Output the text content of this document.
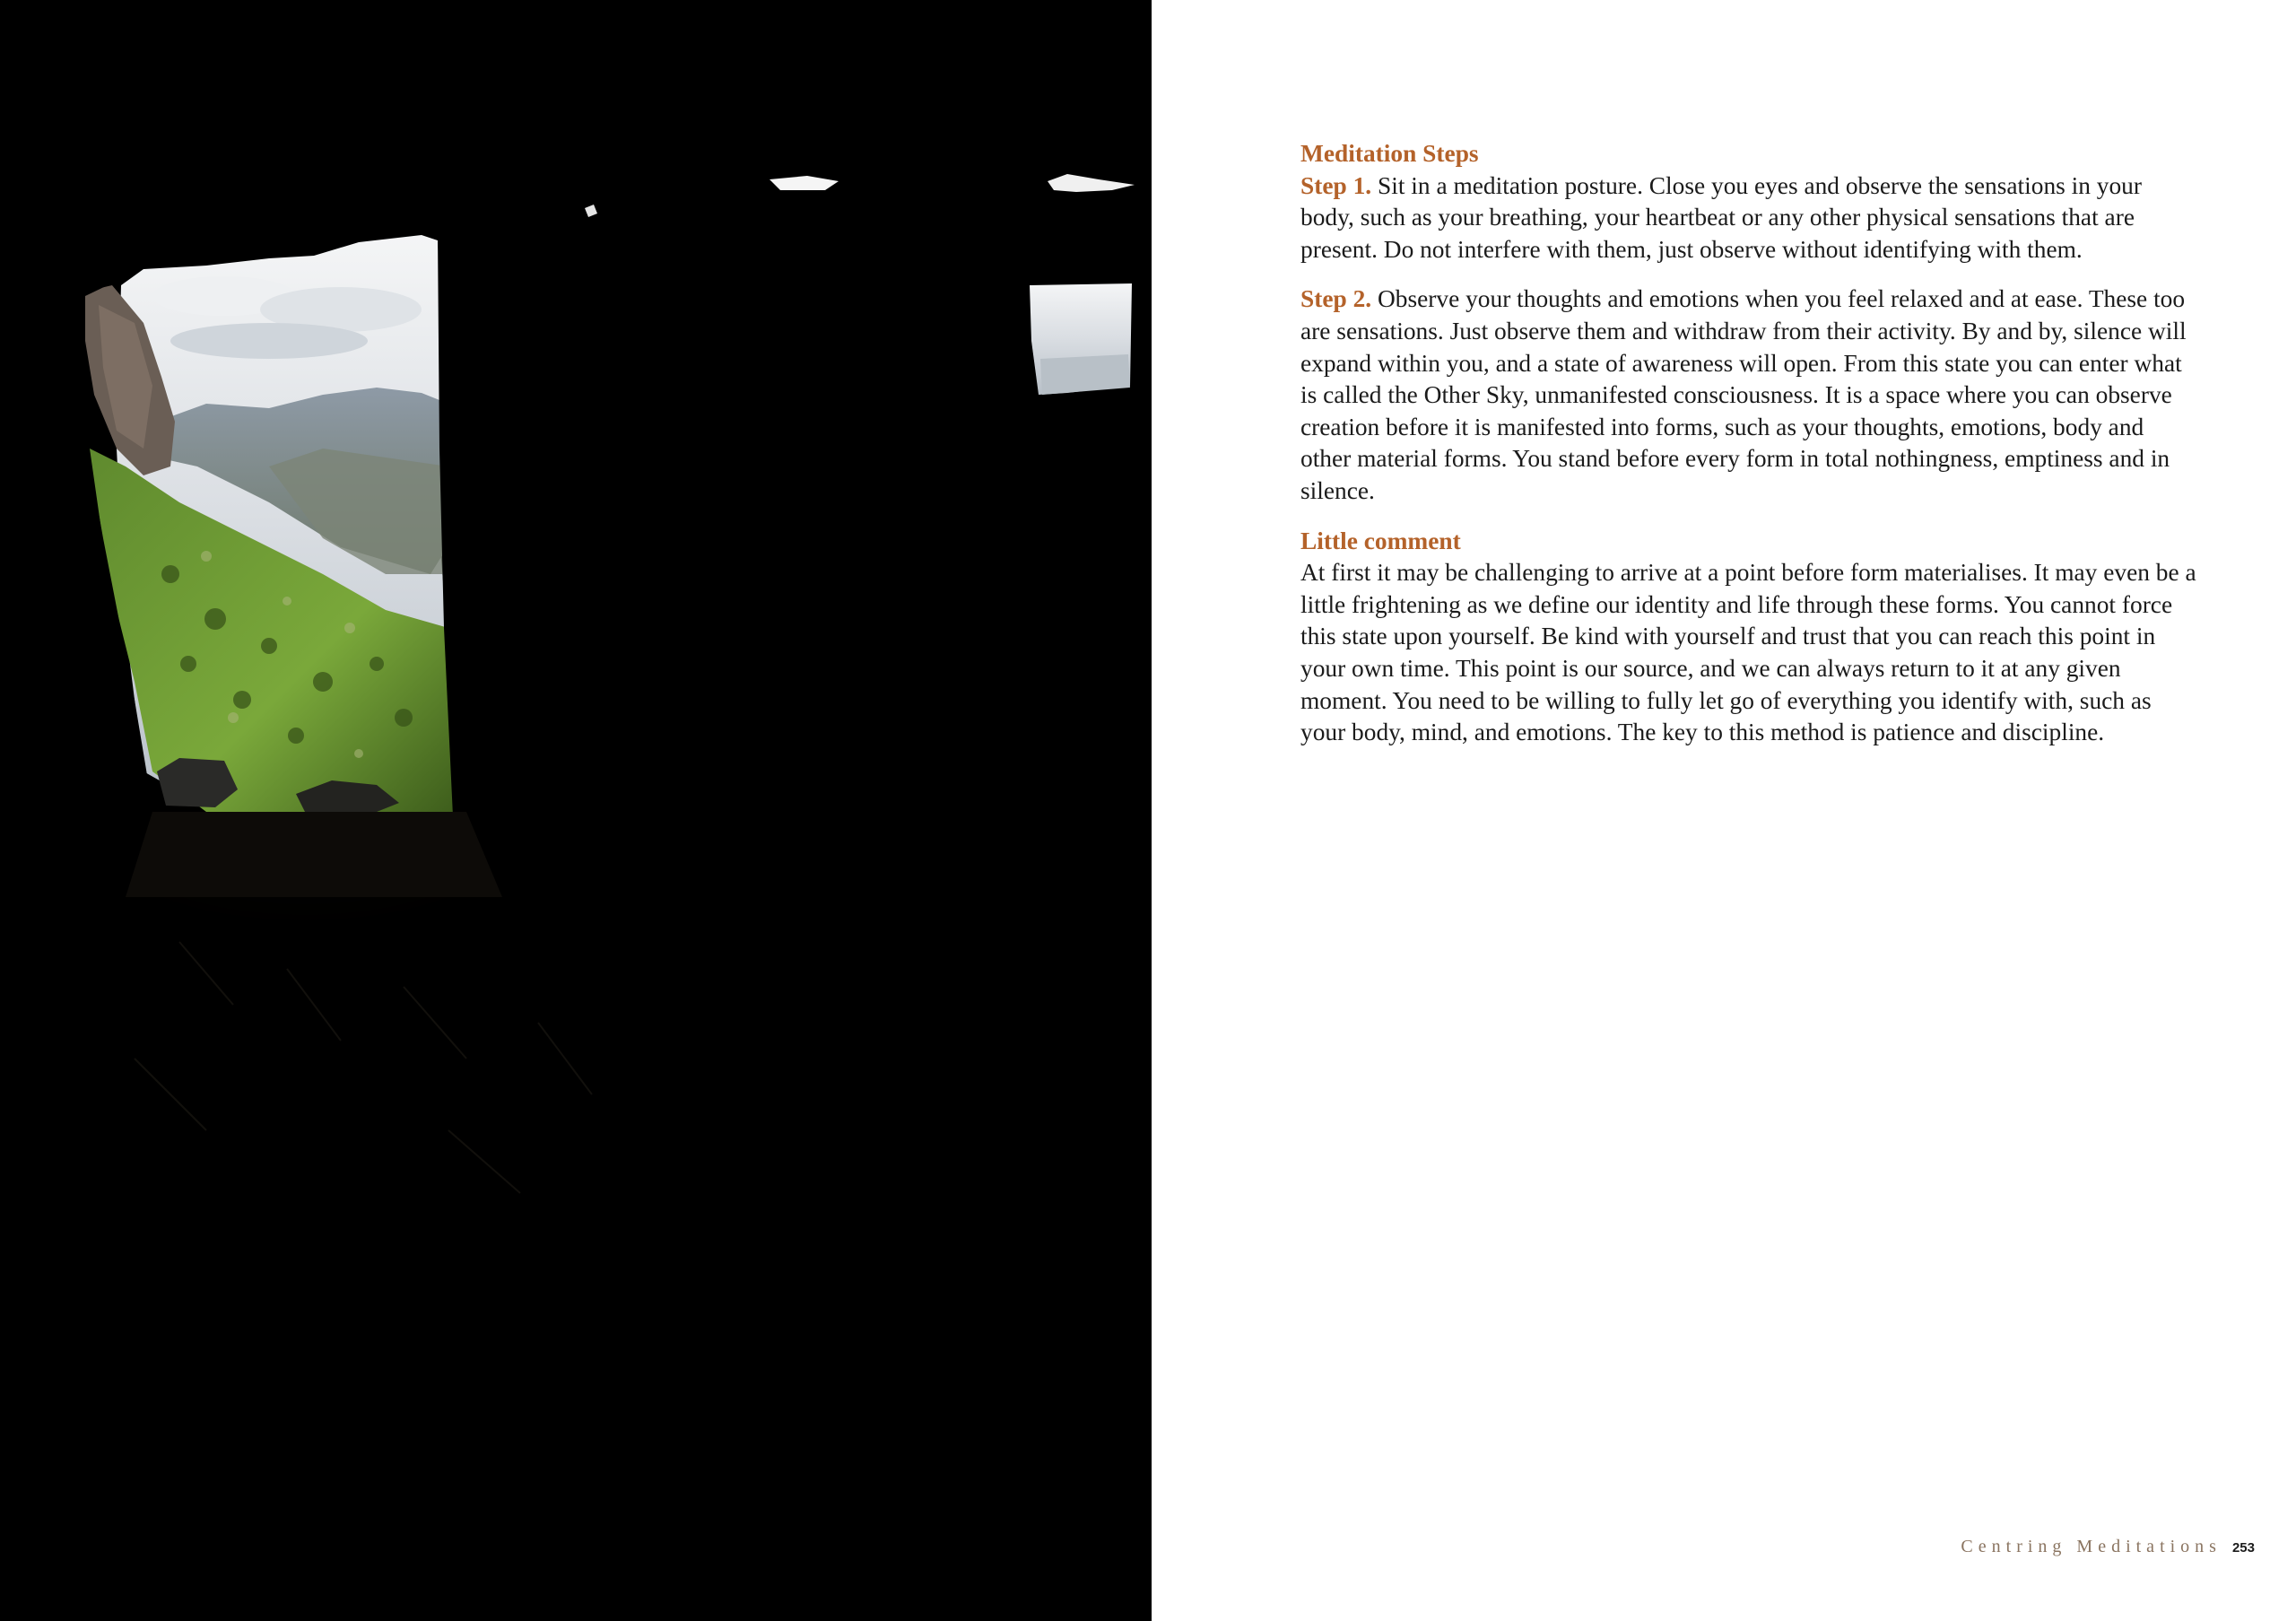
Meditation Steps

Step 1. Sit in a meditation posture. Close you eyes and observe the sensations in your body, such as your breathing, your heartbeat or any other physical sensations that are present. Do not interfere with them, just observe without identifying with them.

Step 2. Observe your thoughts and emotions when you feel relaxed and at ease. These too are sensations. Just observe them and withdraw from their activity. By and by, silence will expand within you, and a state of awareness will open. From this state you can enter what is called the Other Sky, unmanifested consciousness. It is a space where you can observe creation before it is manifested into forms, such as your thoughts, emotions, body and other material forms. You stand before every form in total nothingness, emptiness and in silence.

Little comment

At first it may be challenging to arrive at a point before form materialises. It may even be a little frightening as we define our identity and life through these forms. You cannot force this state upon yourself. Be kind with yourself and trust that you can reach this point in your own time. This point is our source, and we can always return to it at any given moment. You need to be willing to fully let go of everything you identify with, such as your body, mind, and emotions. The key to this method is patience and discipline.

Centring Meditations 253
